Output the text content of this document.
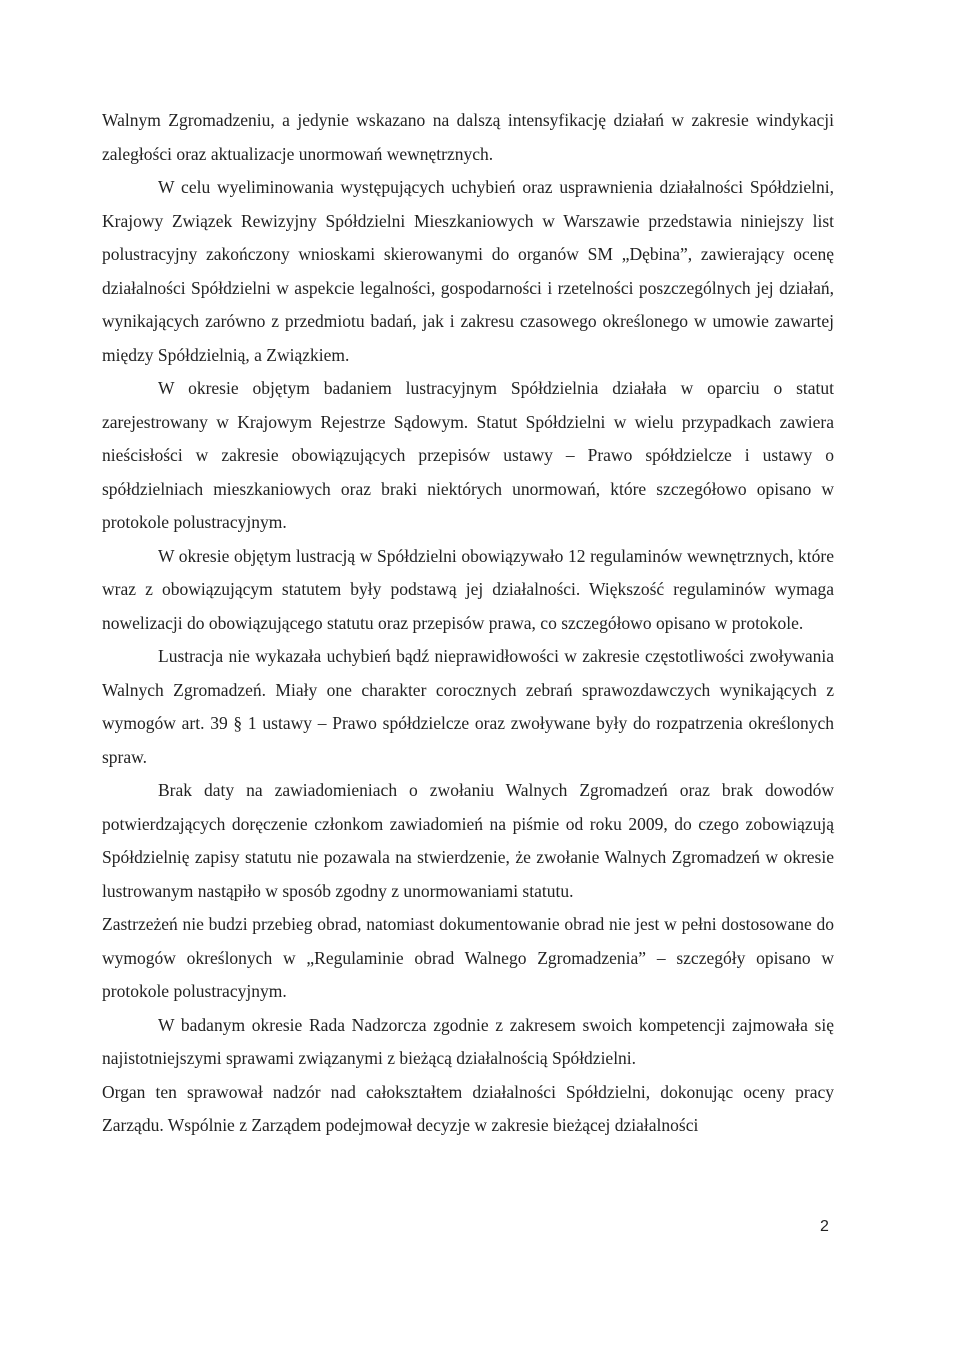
Walnym Zgromadzeniu, a jedynie wskazano na dalszą intensyfikację działań w zakresie windykacji zaległości oraz aktualizacje unormowań wewnętrznych.

W celu wyeliminowania występujących uchybień oraz usprawnienia działalności Spółdzielni, Krajowy Związek Rewizyjny Spółdzielni Mieszkaniowych w Warszawie przedstawia niniejszy list polustracyjny zakończony wnioskami skierowanymi do organów SM „Dębina”, zawierający ocenę działalności Spółdzielni w aspekcie legalności, gospodarności i rzetelności poszczególnych jej działań, wynikających zarówno z przedmiotu badań, jak i zakresu czasowego określonego w umowie zawartej między Spółdzielnią, a Związkiem.

W okresie objętym badaniem lustracyjnym Spółdzielnia działała w oparciu o statut zarejestrowany w Krajowym Rejestrze Sądowym. Statut Spółdzielni w wielu przypadkach zawiera nieścisłości w zakresie obowiązujących przepisów ustawy – Prawo spółdzielcze i ustawy o spółdzielniach mieszkaniowych oraz braki niektórych unormowań, które szczegółowo opisano w protokole polustracyjnym.

W okresie objętym lustracją w Spółdzielni obowiązywało 12 regulaminów wewnętrznych, które wraz z obowiązującym statutem były podstawą jej działalności. Większość regulaminów wymaga nowelizacji do obowiązującego statutu oraz przepisów prawa, co szczegółowo opisano w protokole.

Lustracja nie wykazała uchybień bądź nieprawidłowości w zakresie częstotliwości zwoływania Walnych Zgromadzeń. Miały one charakter corocznych zebrań sprawozdawczych wynikających z wymogów art. 39 § 1 ustawy – Prawo spółdzielcze oraz zwoływane były do rozpatrzenia określonych spraw.

Brak daty na zawiadomieniach o zwołaniu Walnych Zgromadzeń oraz brak dowodów potwierdzających doręczenie członkom zawiadomień na piśmie od roku 2009, do czego zobowiązują Spółdzielnię zapisy statutu nie pozawala na stwierdzenie, że zwołanie Walnych Zgromadzeń w okresie lustrowanym nastąpiło w sposób zgodny z unormowaniami statutu.

Zastrzeżeń nie budzi przebieg obrad, natomiast dokumentowanie obrad nie jest w pełni dostosowane do wymogów określonych w „Regulaminie obrad Walnego Zgromadzenia” – szczegóły opisano w protokole polustracyjnym.

W badanym okresie Rada Nadzorcza zgodnie z zakresem swoich kompetencji zajmowała się najistotniejszymi sprawami związanymi z bieżącą działalnością Spółdzielni.

Organ ten sprawował nadzór nad całokształtem działalności Spółdzielni, dokonując oceny pracy Zarządu. Wspólnie z Zarządem podejmował decyzje w zakresie bieżącej działalności

2
